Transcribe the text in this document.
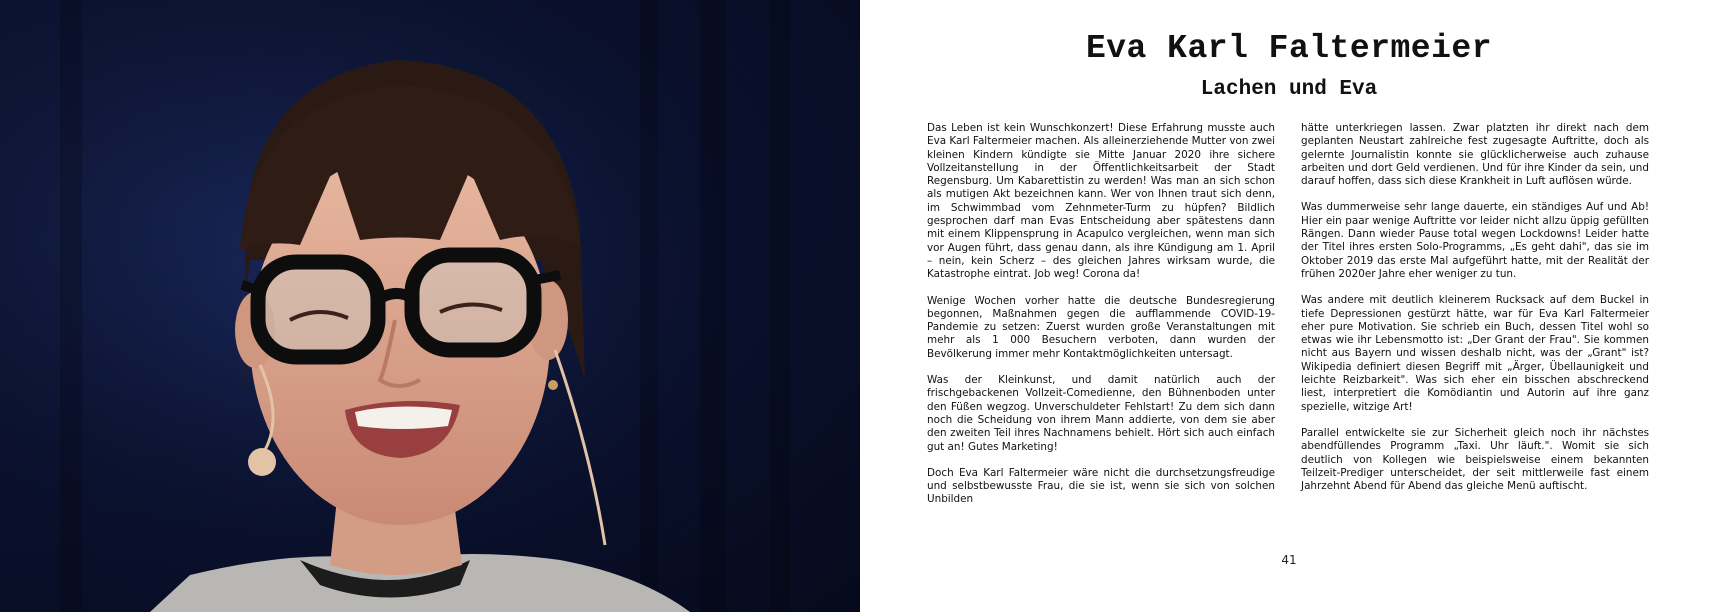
Eva Karl Faltermeier
Lachen und Eva

Das Leben ist kein Wunschkonzert! Diese Erfahrung musste auch Eva Karl Faltermeier machen. Als alleinerziehende Mutter von zwei kleinen Kindern kündigte sie Mitte Januar 2020 ihre sichere Vollzeitanstellung in der Öffentlichkeitsarbeit der Stadt Regensburg. Um Kabarettistin zu werden! Was man an sich schon als mutigen Akt bezeichnen kann. Wer von Ihnen traut sich denn, im Schwimmbad vom Zehnmeter-Turm zu hüpfen? Bildlich gesprochen darf man Evas Entscheidung aber spätestens dann mit einem Klippensprung in Acapulco vergleichen, wenn man sich vor Augen führt, dass genau dann, als ihre Kündigung am 1. April – nein, kein Scherz – des gleichen Jahres wirksam wurde, die Katastrophe eintrat. Job weg! Corona da!

Wenige Wochen vorher hatte die deutsche Bundesregierung begonnen, Maßnahmen gegen die aufflammende COVID-19-Pandemie zu setzen: Zuerst wurden große Veranstaltungen mit mehr als 1 000 Besuchern verboten, dann wurden der Bevölkerung immer mehr Kontaktmöglichkeiten untersagt.

Was der Kleinkunst, und damit natürlich auch der frischgebackenen Vollzeit-Comedienne, den Bühnenboden unter den Füßen wegzog. Unverschuldeter Fehlstart! Zu dem sich dann noch die Scheidung von ihrem Mann addierte, von dem sie aber den zweiten Teil ihres Nachnamens behielt. Hört sich auch einfach gut an! Gutes Marketing!

Doch Eva Karl Faltermeier wäre nicht die durchsetzungsfreudige und selbstbewusste Frau, die sie ist, wenn sie sich von solchen Unbilden

hätte unterkriegen lassen. Zwar platzten ihr direkt nach dem geplanten Neustart zahlreiche fest zugesagte Auftritte, doch als gelernte Journalistin konnte sie glücklicherweise auch zuhause arbeiten und dort Geld verdienen. Und für ihre Kinder da sein, und darauf hoffen, dass sich diese Krankheit in Luft auflösen würde.

Was dummerweise sehr lange dauerte, ein ständiges Auf und Ab! Hier ein paar wenige Auftritte vor leider nicht allzu üppig gefüllten Rängen. Dann wieder Pause total wegen Lockdowns! Leider hatte der Titel ihres ersten Solo-Programms, „Es geht dahi", das sie im Oktober 2019 das erste Mal aufgeführt hatte, mit der Realität der frühen 2020er Jahre eher weniger zu tun.

Was andere mit deutlich kleinerem Rucksack auf dem Buckel in tiefe Depressionen gestürzt hätte, war für Eva Karl Faltermeier eher pure Motivation. Sie schrieb ein Buch, dessen Titel wohl so etwas wie ihr Lebensmotto ist: „Der Grant der Frau". Sie kommen nicht aus Bayern und wissen deshalb nicht, was der „Grant" ist? Wikipedia definiert diesen Begriff mit „Ärger, Übellaunigkeit und leichte Reizbarkeit". Was sich eher ein bisschen abschreckend liest, interpretiert die Komödiantin und Autorin auf ihre ganz spezielle, witzige Art!

Parallel entwickelte sie zur Sicherheit gleich noch ihr nächstes abendfüllendes Programm „Taxi. Uhr läuft.". Womit sie sich deutlich von Kollegen wie beispielsweise einem bekannten Teilzeit-Prediger unterscheidet, der seit mittlerweile fast einem Jahrzehnt Abend für Abend das gleiche Menü auftischt.

41
